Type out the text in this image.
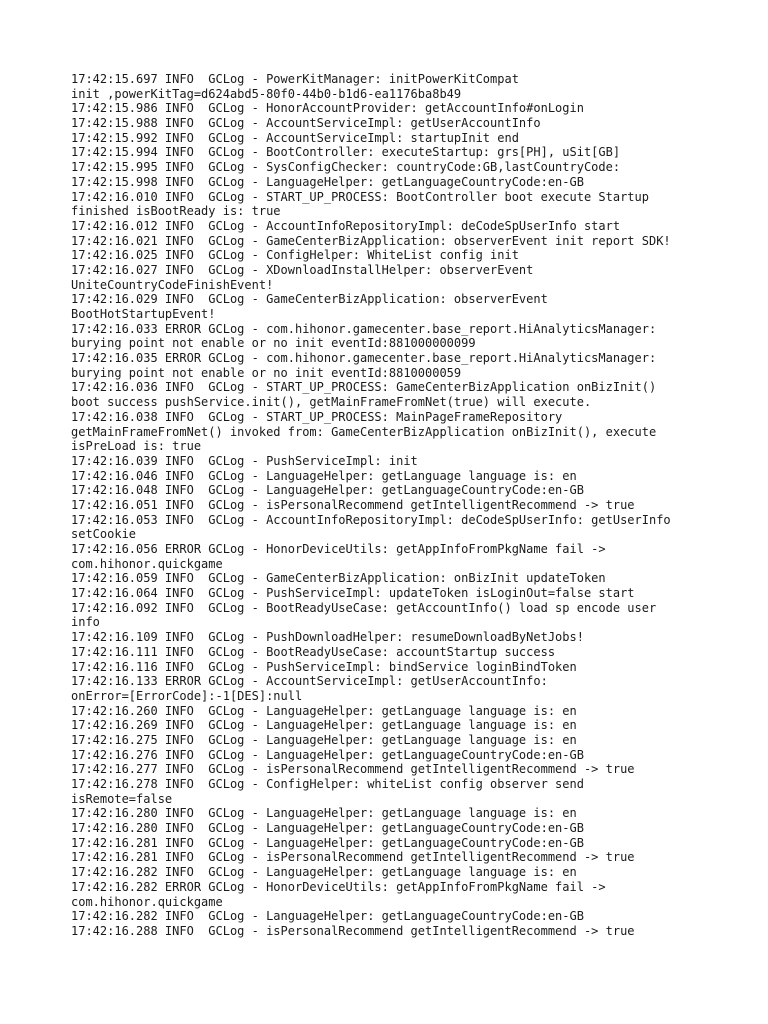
17:42:15.697 INFO  GCLog - PowerKitManager: initPowerKitCompat
init ,powerKitTag=d624abd5-80f0-44b0-b1d6-ea1176ba8b49
17:42:15.986 INFO  GCLog - HonorAccountProvider: getAccountInfo#onLogin
17:42:15.988 INFO  GCLog - AccountServiceImpl: getUserAccountInfo
17:42:15.992 INFO  GCLog - AccountServiceImpl: startupInit end
17:42:15.994 INFO  GCLog - BootController: executeStartup: grs[PH], uSit[GB]
17:42:15.995 INFO  GCLog - SysConfigChecker: countryCode:GB,lastCountryCode:
17:42:15.998 INFO  GCLog - LanguageHelper: getLanguageCountryCode:en-GB
17:42:16.010 INFO  GCLog - START_UP_PROCESS: BootController boot execute Startup
finished isBootReady is: true
17:42:16.012 INFO  GCLog - AccountInfoRepositoryImpl: deCodeSpUserInfo start
17:42:16.021 INFO  GCLog - GameCenterBizApplication: observerEvent init report SDK!
17:42:16.025 INFO  GCLog - ConfigHelper: WhiteList config init
17:42:16.027 INFO  GCLog - XDownloadInstallHelper: observerEvent
UniteCountryCodeFinishEvent!
17:42:16.029 INFO  GCLog - GameCenterBizApplication: observerEvent
BootHotStartupEvent!
17:42:16.033 ERROR GCLog - com.hihonor.gamecenter.base_report.HiAnalyticsManager:
burying point not enable or no init eventId:881000000099
17:42:16.035 ERROR GCLog - com.hihonor.gamecenter.base_report.HiAnalyticsManager:
burying point not enable or no init eventId:8810000059
17:42:16.036 INFO  GCLog - START_UP_PROCESS: GameCenterBizApplication onBizInit()
boot success pushService.init(), getMainFrameFromNet(true) will execute.
17:42:16.038 INFO  GCLog - START_UP_PROCESS: MainPageFrameRepository
getMainFrameFromNet() invoked from: GameCenterBizApplication onBizInit(), execute
isPreLoad is: true
17:42:16.039 INFO  GCLog - PushServiceImpl: init
17:42:16.046 INFO  GCLog - LanguageHelper: getLanguage language is: en
17:42:16.048 INFO  GCLog - LanguageHelper: getLanguageCountryCode:en-GB
17:42:16.051 INFO  GCLog - isPersonalRecommend getIntelligentRecommend -> true
17:42:16.053 INFO  GCLog - AccountInfoRepositoryImpl: deCodeSpUserInfo: getUserInfo
setCookie
17:42:16.056 ERROR GCLog - HonorDeviceUtils: getAppInfoFromPkgName fail ->
com.hihonor.quickgame
17:42:16.059 INFO  GCLog - GameCenterBizApplication: onBizInit updateToken
17:42:16.064 INFO  GCLog - PushServiceImpl: updateToken isLoginOut=false start
17:42:16.092 INFO  GCLog - BootReadyUseCase: getAccountInfo() load sp encode user
info
17:42:16.109 INFO  GCLog - PushDownloadHelper: resumeDownloadByNetJobs!
17:42:16.111 INFO  GCLog - BootReadyUseCase: accountStartup success
17:42:16.116 INFO  GCLog - PushServiceImpl: bindService loginBindToken
17:42:16.133 ERROR GCLog - AccountServiceImpl: getUserAccountInfo:
onError=[ErrorCode]:-1[DES]:null
17:42:16.260 INFO  GCLog - LanguageHelper: getLanguage language is: en
17:42:16.269 INFO  GCLog - LanguageHelper: getLanguage language is: en
17:42:16.275 INFO  GCLog - LanguageHelper: getLanguage language is: en
17:42:16.276 INFO  GCLog - LanguageHelper: getLanguageCountryCode:en-GB
17:42:16.277 INFO  GCLog - isPersonalRecommend getIntelligentRecommend -> true
17:42:16.278 INFO  GCLog - ConfigHelper: whiteList config observer send
isRemote=false
17:42:16.280 INFO  GCLog - LanguageHelper: getLanguage language is: en
17:42:16.280 INFO  GCLog - LanguageHelper: getLanguageCountryCode:en-GB
17:42:16.281 INFO  GCLog - LanguageHelper: getLanguageCountryCode:en-GB
17:42:16.281 INFO  GCLog - isPersonalRecommend getIntelligentRecommend -> true
17:42:16.282 INFO  GCLog - LanguageHelper: getLanguage language is: en
17:42:16.282 ERROR GCLog - HonorDeviceUtils: getAppInfoFromPkgName fail ->
com.hihonor.quickgame
17:42:16.282 INFO  GCLog - LanguageHelper: getLanguageCountryCode:en-GB
17:42:16.288 INFO  GCLog - isPersonalRecommend getIntelligentRecommend -> true
